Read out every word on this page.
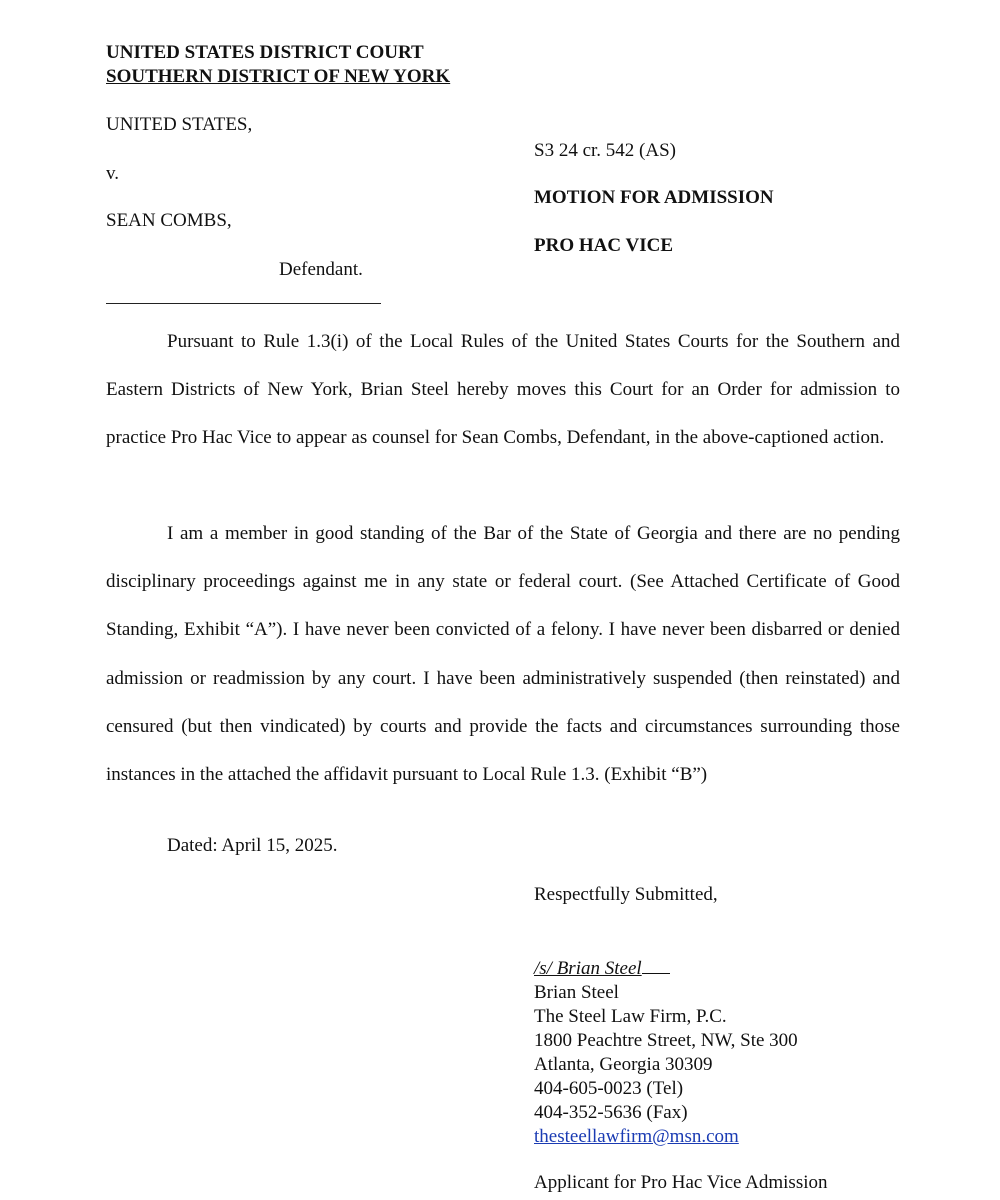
UNITED STATES DISTRICT COURT
SOUTHERN DISTRICT OF NEW YORK
UNITED STATES,
v.
SEAN COMBS,
Defendant.
S3 24 cr. 542 (AS)
MOTION FOR ADMISSION
PRO HAC VICE

Pursuant to Rule 1.3(i) of the Local Rules of the United States Courts for the Southern and Eastern Districts of New York, Brian Steel hereby moves this Court for an Order for admission to practice Pro Hac Vice to appear as counsel for Sean Combs, Defendant, in the above-captioned action.

I am a member in good standing of the Bar of the State of Georgia and there are no pending disciplinary proceedings against me in any state or federal court. (See Attached Certificate of Good Standing, Exhibit “A”). I have never been convicted of a felony. I have never been disbarred or denied admission or readmission by any court. I have been administratively suspended (then reinstated) and censured (but then vindicated) by courts and provide the facts and circumstances surrounding those instances in the attached the affidavit pursuant to Local Rule 1.3. (Exhibit “B”)

Dated: April 15, 2025.
Respectfully Submitted,
/s/ Brian Steel
Brian Steel
The Steel Law Firm, P.C.
1800 Peachtre Street, NW, Ste 300
Atlanta, Georgia 30309
404-605-0023 (Tel)
404-352-5636 (Fax)
thesteellawfirm@msn.com
Applicant for Pro Hac Vice Admission
